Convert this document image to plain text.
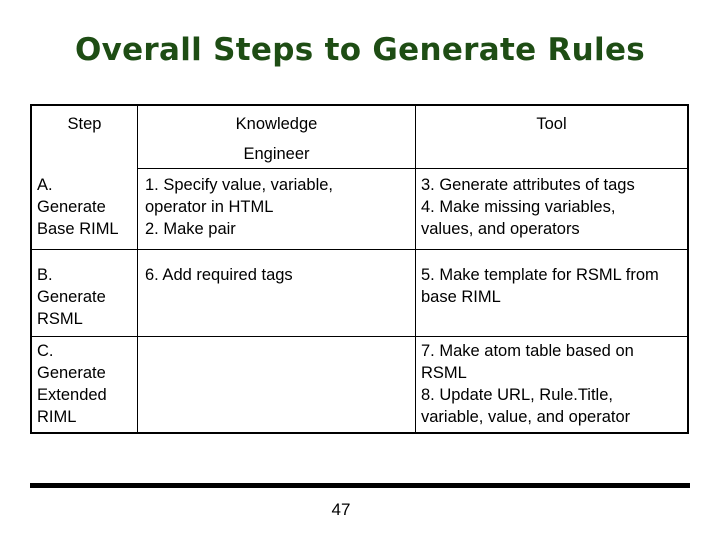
Overall Steps to Generate Rules
Step	Knowledge
Engineer
Tool
A.
Generate
Base RIML
1. Specify value, variable,
operator in HTML
2. Make pair
3. Generate attributes of tags
4. Make missing variables,
values, and operators
B.
Generate
RSML
6. Add required tags	5. Make template for RSML from
base RIML
C.
Generate
Extended
RIML
7. Make atom table based on
RSML
8. Update URL, Rule.Title,
variable, value, and operator
47
